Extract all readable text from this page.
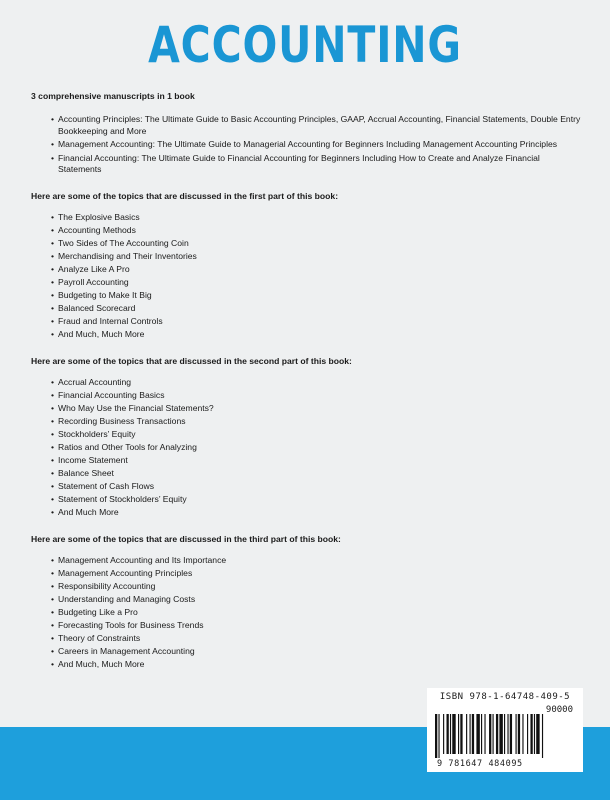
ACCOUNTING
3 comprehensive manuscripts in 1 book
• Accounting Principles: The Ultimate Guide to Basic Accounting Principles, GAAP, Accrual Accounting, Financial Statements, Double Entry Bookkeeping and More
• Management Accounting: The Ultimate Guide to Managerial Accounting for Beginners Including Management Accounting Principles
• Financial Accounting: The Ultimate Guide to Financial Accounting for Beginners Including How to Create and Analyze Financial Statements
Here are some of the topics that are discussed in the first part of this book:
• The Explosive Basics
• Accounting Methods
• Two Sides of The Accounting Coin
• Merchandising and Their Inventories
• Analyze Like A Pro
• Payroll Accounting
• Budgeting to Make It Big
• Balanced Scorecard
• Fraud and Internal Controls
• And Much, Much More
Here are some of the topics that are discussed in the second part of this book:
• Accrual Accounting
• Financial Accounting Basics
• Who May Use the Financial Statements?
• Recording Business Transactions
• Stockholders’ Equity
• Ratios and Other Tools for Analyzing
• Income Statement
• Balance Sheet
• Statement of Cash Flows
• Statement of Stockholders’ Equity
• And Much More
Here are some of the topics that are discussed in the third part of this book:
• Management Accounting and Its Importance
• Management Accounting Principles
• Responsibility Accounting
• Understanding and Managing Costs
• Budgeting Like a Pro
• Forecasting Tools for Business Trends
• Theory of Constraints
• Careers in Management Accounting
• And Much, Much More
ISBN 978-1-64748-409-5
90000
9 781647 484095
